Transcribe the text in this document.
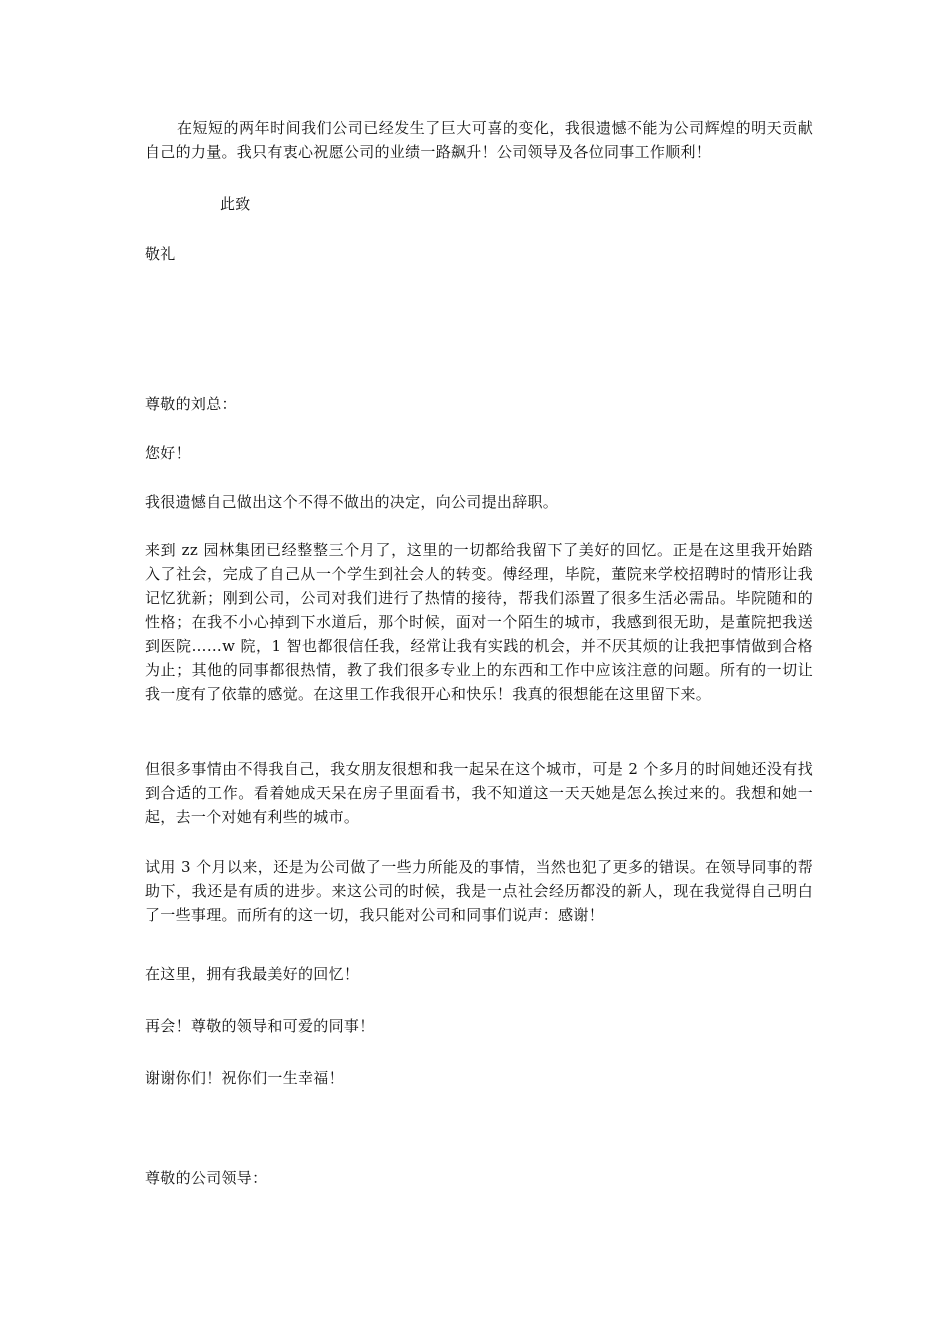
在短短的两年时间我们公司已经发生了巨大可喜的变化，我很遗憾不能为公司辉煌的明天贡献自己的力量。我只有衷心祝愿公司的业绩一路飙升！公司领导及各位同事工作顺利！

此致

敬礼

尊敬的刘总：

您好！

我很遗憾自己做出这个不得不做出的决定，向公司提出辞职。

来到 zz 园林集团已经整整三个月了，这里的一切都给我留下了美好的回忆。正是在这里我开始踏入了社会，完成了自己从一个学生到社会人的转变。傅经理，毕院，董院来学校招聘时的情形让我记忆犹新；刚到公司，公司对我们进行了热情的接待，帮我们添置了很多生活必需品。毕院随和的性格；在我不小心掉到下水道后，那个时候，面对一个陌生的城市，我感到很无助，是董院把我送到医院……w 院，1 智也都很信任我，经常让我有实践的机会，并不厌其烦的让我把事情做到合格为止；其他的同事都很热情，教了我们很多专业上的东西和工作中应该注意的问题。所有的一切让我一度有了依靠的感觉。在这里工作我很开心和快乐！我真的很想能在这里留下来。

但很多事情由不得我自己，我女朋友很想和我一起呆在这个城市，可是 2 个多月的时间她还没有找到合适的工作。看着她成天呆在房子里面看书，我不知道这一天天她是怎么挨过来的。我想和她一起，去一个对她有利些的城市。

试用 3 个月以来，还是为公司做了一些力所能及的事情，当然也犯了更多的错误。在领导同事的帮助下，我还是有质的进步。来这公司的时候，我是一点社会经历都没的新人，现在我觉得自己明白了一些事理。而所有的这一切，我只能对公司和同事们说声：感谢！

在这里，拥有我最美好的回忆！

再会！尊敬的领导和可爱的同事！

谢谢你们！祝你们一生幸福！

尊敬的公司领导：
